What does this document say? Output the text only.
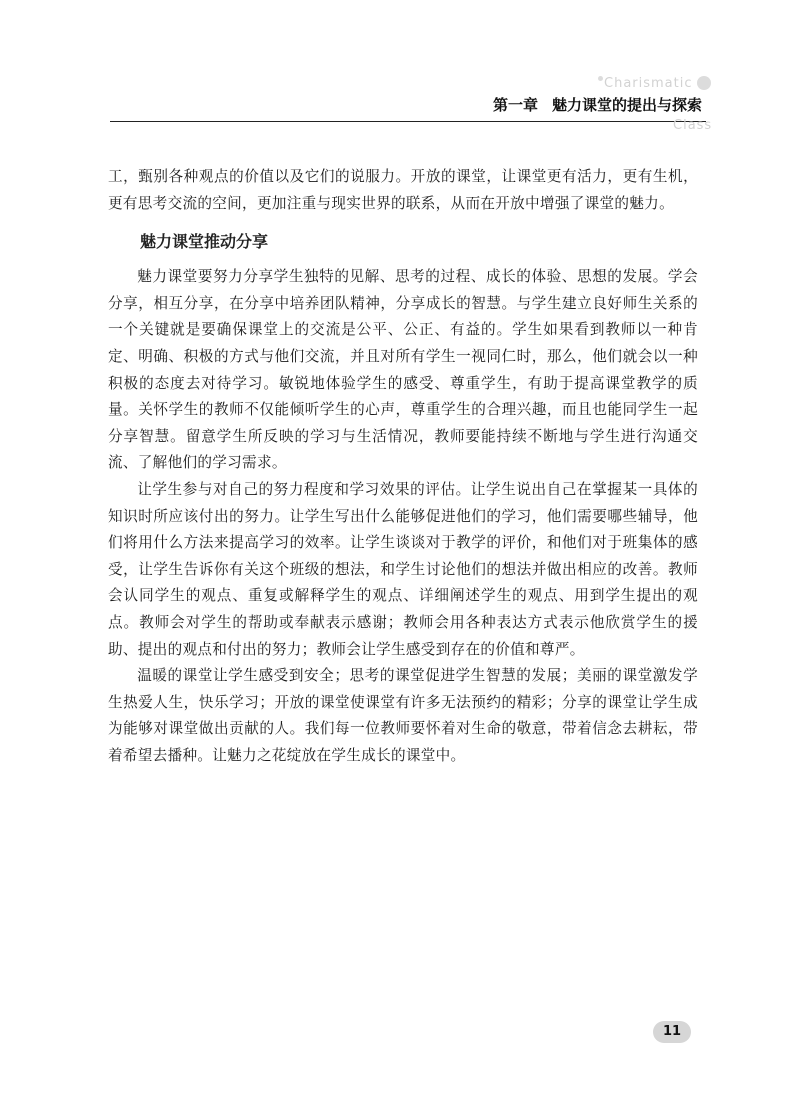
Charismatic
第一章 魅力课堂的提出与探索
Class

工，甄别各种观点的价值以及它们的说服力。开放的课堂，让课堂更有活力，更有生机，更有思考交流的空间，更加注重与现实世界的联系，从而在开放中增强了课堂的魅力。

魅力课堂推动分享

魅力课堂要努力分享学生独特的见解、思考的过程、成长的体验、思想的发展。学会分享，相互分享，在分享中培养团队精神，分享成长的智慧。与学生建立良好师生关系的一个关键就是要确保课堂上的交流是公平、公正、有益的。学生如果看到教师以一种肯定、明确、积极的方式与他们交流，并且对所有学生一视同仁时，那么，他们就会以一种积极的态度去对待学习。敏锐地体验学生的感受、尊重学生，有助于提高课堂教学的质量。关怀学生的教师不仅能倾听学生的心声，尊重学生的合理兴趣，而且也能同学生一起分享智慧。留意学生所反映的学习与生活情况，教师要能持续不断地与学生进行沟通交流、了解他们的学习需求。

让学生参与对自己的努力程度和学习效果的评估。让学生说出自己在掌握某一具体的知识时所应该付出的努力。让学生写出什么能够促进他们的学习，他们需要哪些辅导，他们将用什么方法来提高学习的效率。让学生谈谈对于教学的评价，和他们对于班集体的感受，让学生告诉你有关这个班级的想法，和学生讨论他们的想法并做出相应的改善。教师会认同学生的观点、重复或解释学生的观点、详细阐述学生的观点、用到学生提出的观点。教师会对学生的帮助或奉献表示感谢；教师会用各种表达方式表示他欣赏学生的援助、提出的观点和付出的努力；教师会让学生感受到存在的价值和尊严。

温暖的课堂让学生感受到安全；思考的课堂促进学生智慧的发展；美丽的课堂激发学生热爱人生，快乐学习；开放的课堂使课堂有许多无法预约的精彩；分享的课堂让学生成为能够对课堂做出贡献的人。我们每一位教师要怀着对生命的敬意，带着信念去耕耘，带着希望去播种。让魅力之花绽放在学生成长的课堂中。

11
